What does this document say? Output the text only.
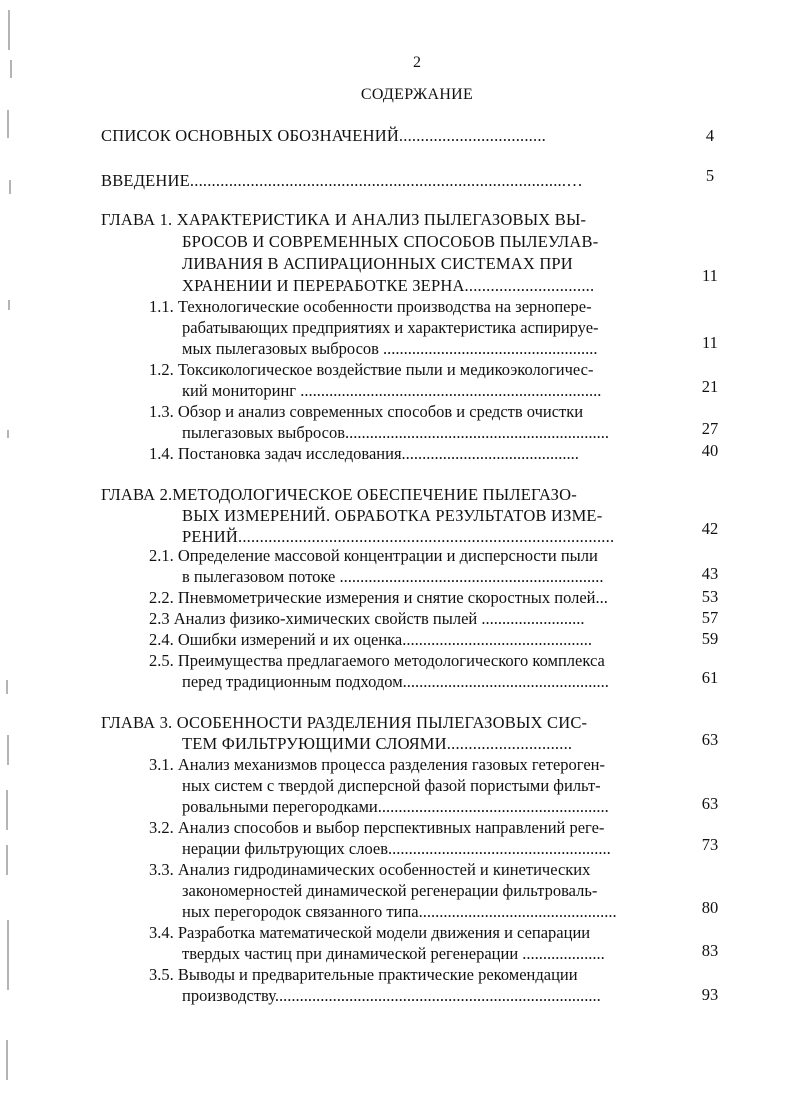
2
СОДЕРЖАНИЕ
СПИСОК ОСНОВНЫХ ОБОЗНАЧЕНИЙ..................................	4
ВВЕДЕНИЕ.......................................................................................…	5
ГЛАВА 1. ХАРАКТЕРИСТИКА И АНАЛИЗ ПЫЛЕГАЗОВЫХ ВЫ-
БРОСОВ И СОВРЕМЕННЫХ СПОСОБОВ ПЫЛЕУЛАВ-
ЛИВАНИЯ В АСПИРАЦИОННЫХ СИСТЕМАХ ПРИ
ХРАНЕНИИ И ПЕРЕРАБОТКЕ ЗЕРНА..............................
11
1.1. Технологические особенности производства на зернопере-
рабатывающих предприятиях и характеристика аспирируе-
мых пылегазовых выбросов ....................................................	11
1.2. Токсикологическое воздействие пыли и медикоэкологичес-
кий мониторинг .........................................................................	21
1.3. Обзор и анализ современных способов и средств очистки
пылегазовых выбросов................................................................	27
1.4. Постановка задач исследования...........................................	40
ГЛАВА 2.МЕТОДОЛОГИЧЕСКОЕ ОБЕСПЕЧЕНИЕ ПЫЛЕГАЗО-
ВЫХ ИЗМЕРЕНИЙ. ОБРАБОТКА РЕЗУЛЬТАТОВ ИЗМЕ-
РЕНИЙ.......................................................................................	42
2.1. Определение массовой концентрации и дисперсности пыли
в пылегазовом потоке ................................................................	43
2.2. Пневмометрические измерения и снятие скоростных полей...	53
2.3 Анализ физико-химических свойств пылей .........................	57
2.4. Ошибки измерений и их оценка..............................................	59
2.5. Преимущества предлагаемого методологического комплекса
перед традиционным подходом..................................................	61
ГЛАВА 3. ОСОБЕННОСТИ РАЗДЕЛЕНИЯ ПЫЛЕГАЗОВЫХ СИС-
ТЕМ ФИЛЬТРУЮЩИМИ СЛОЯМИ.............................	63
3.1. Анализ механизмов процесса разделения газовых гетероген-
ных систем с твердой дисперсной фазой пористыми фильт-
ровальными перегородками........................................................	63
3.2. Анализ способов и выбор перспективных направлений реге-
нерации фильтрующих слоев......................................................	73
3.3. Анализ гидродинамических особенностей и кинетических
закономерностей динамической регенерации фильтроваль-
ных перегородок связанного типа................................................	80
3.4. Разработка математической модели движения и сепарации
твердых частиц при динамической регенерации ....................	83
3.5. Выводы и предварительные практические рекомендации
производству...............................................................................	93
